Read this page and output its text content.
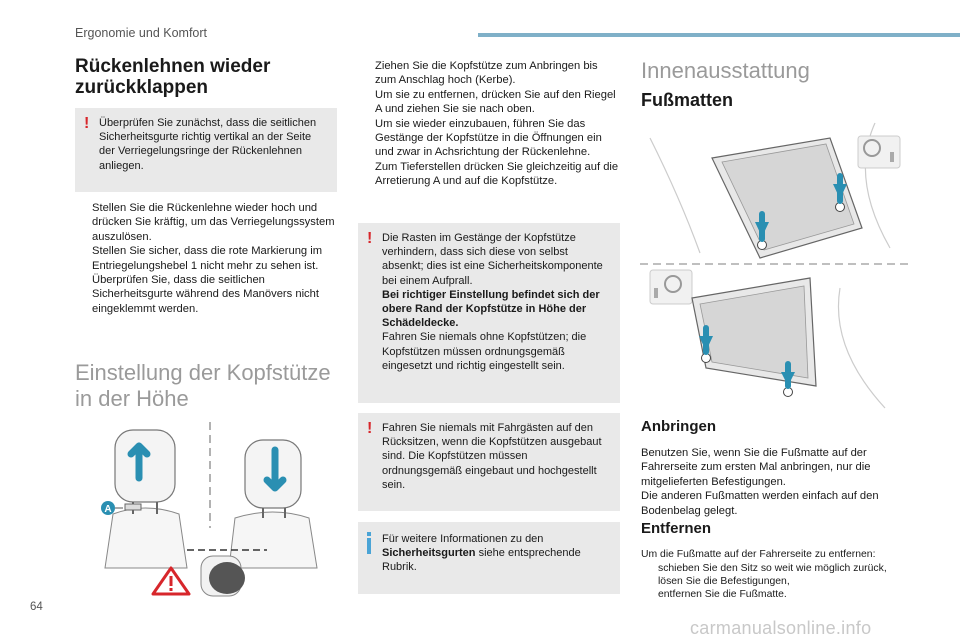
Ergonomie und Komfort
Rückenlehnen wieder
zurückklappen
! Überprüfen Sie zunächst, dass die seitlichen Sicherheitsgurte richtig vertikal an der Seite der Verriegelungsringe der Rückenlehnen anliegen.
Stellen Sie die Rückenlehne wieder hoch und drücken Sie kräftig, um das Verriegelungssystem auszulösen.
Stellen Sie sicher, dass die rote Markierung im Entriegelungshebel 1 nicht mehr zu sehen ist.
Überprüfen Sie, dass die seitlichen Sicherheitsgurte während des Manövers nicht eingeklemmt werden.
Einstellung der Kopfstütze
in der Höhe
A
Ziehen Sie die Kopfstütze zum Anbringen bis zum Anschlag hoch (Kerbe).
Um sie zu entfernen, drücken Sie auf den Riegel A und ziehen Sie sie nach oben.
Um sie wieder einzubauen, führen Sie das Gestänge der Kopfstütze in die Öffnungen ein und zwar in Achsrichtung der Rückenlehne.
Zum Tieferstellen drücken Sie gleichzeitig auf die Arretierung A und auf die Kopfstütze.
! Die Rasten im Gestänge der Kopfstütze verhindern, dass sich diese von selbst absenkt; dies ist eine Sicherheitskomponente bei einem Aufprall.
Bei richtiger Einstellung befindet sich der obere Rand der Kopfstütze in Höhe der Schädeldecke.
Fahren Sie niemals ohne Kopfstützen; die Kopfstützen müssen ordnungsgemäß eingesetzt und richtig eingestellt sein.
! Fahren Sie niemals mit Fahrgästen auf den Rücksitzen, wenn die Kopfstützen ausgebaut sind. Die Kopfstützen müssen ordnungsgemäß eingebaut und hochgestellt sein.
Für weitere Informationen zu den Sicherheitsgurten siehe entsprechende Rubrik.
Innenausstattung
Fußmatten
Anbringen
Benutzen Sie, wenn Sie die Fußmatte auf der Fahrerseite zum ersten Mal anbringen, nur die mitgelieferten Befestigungen.
Die anderen Fußmatten werden einfach auf den Bodenbelag gelegt.
Entfernen
Um die Fußmatte auf der Fahrerseite zu entfernen:
schieben Sie den Sitz so weit wie möglich zurück,
lösen Sie die Befestigungen,
entfernen Sie die Fußmatte.
64
carmanualsonline.info
